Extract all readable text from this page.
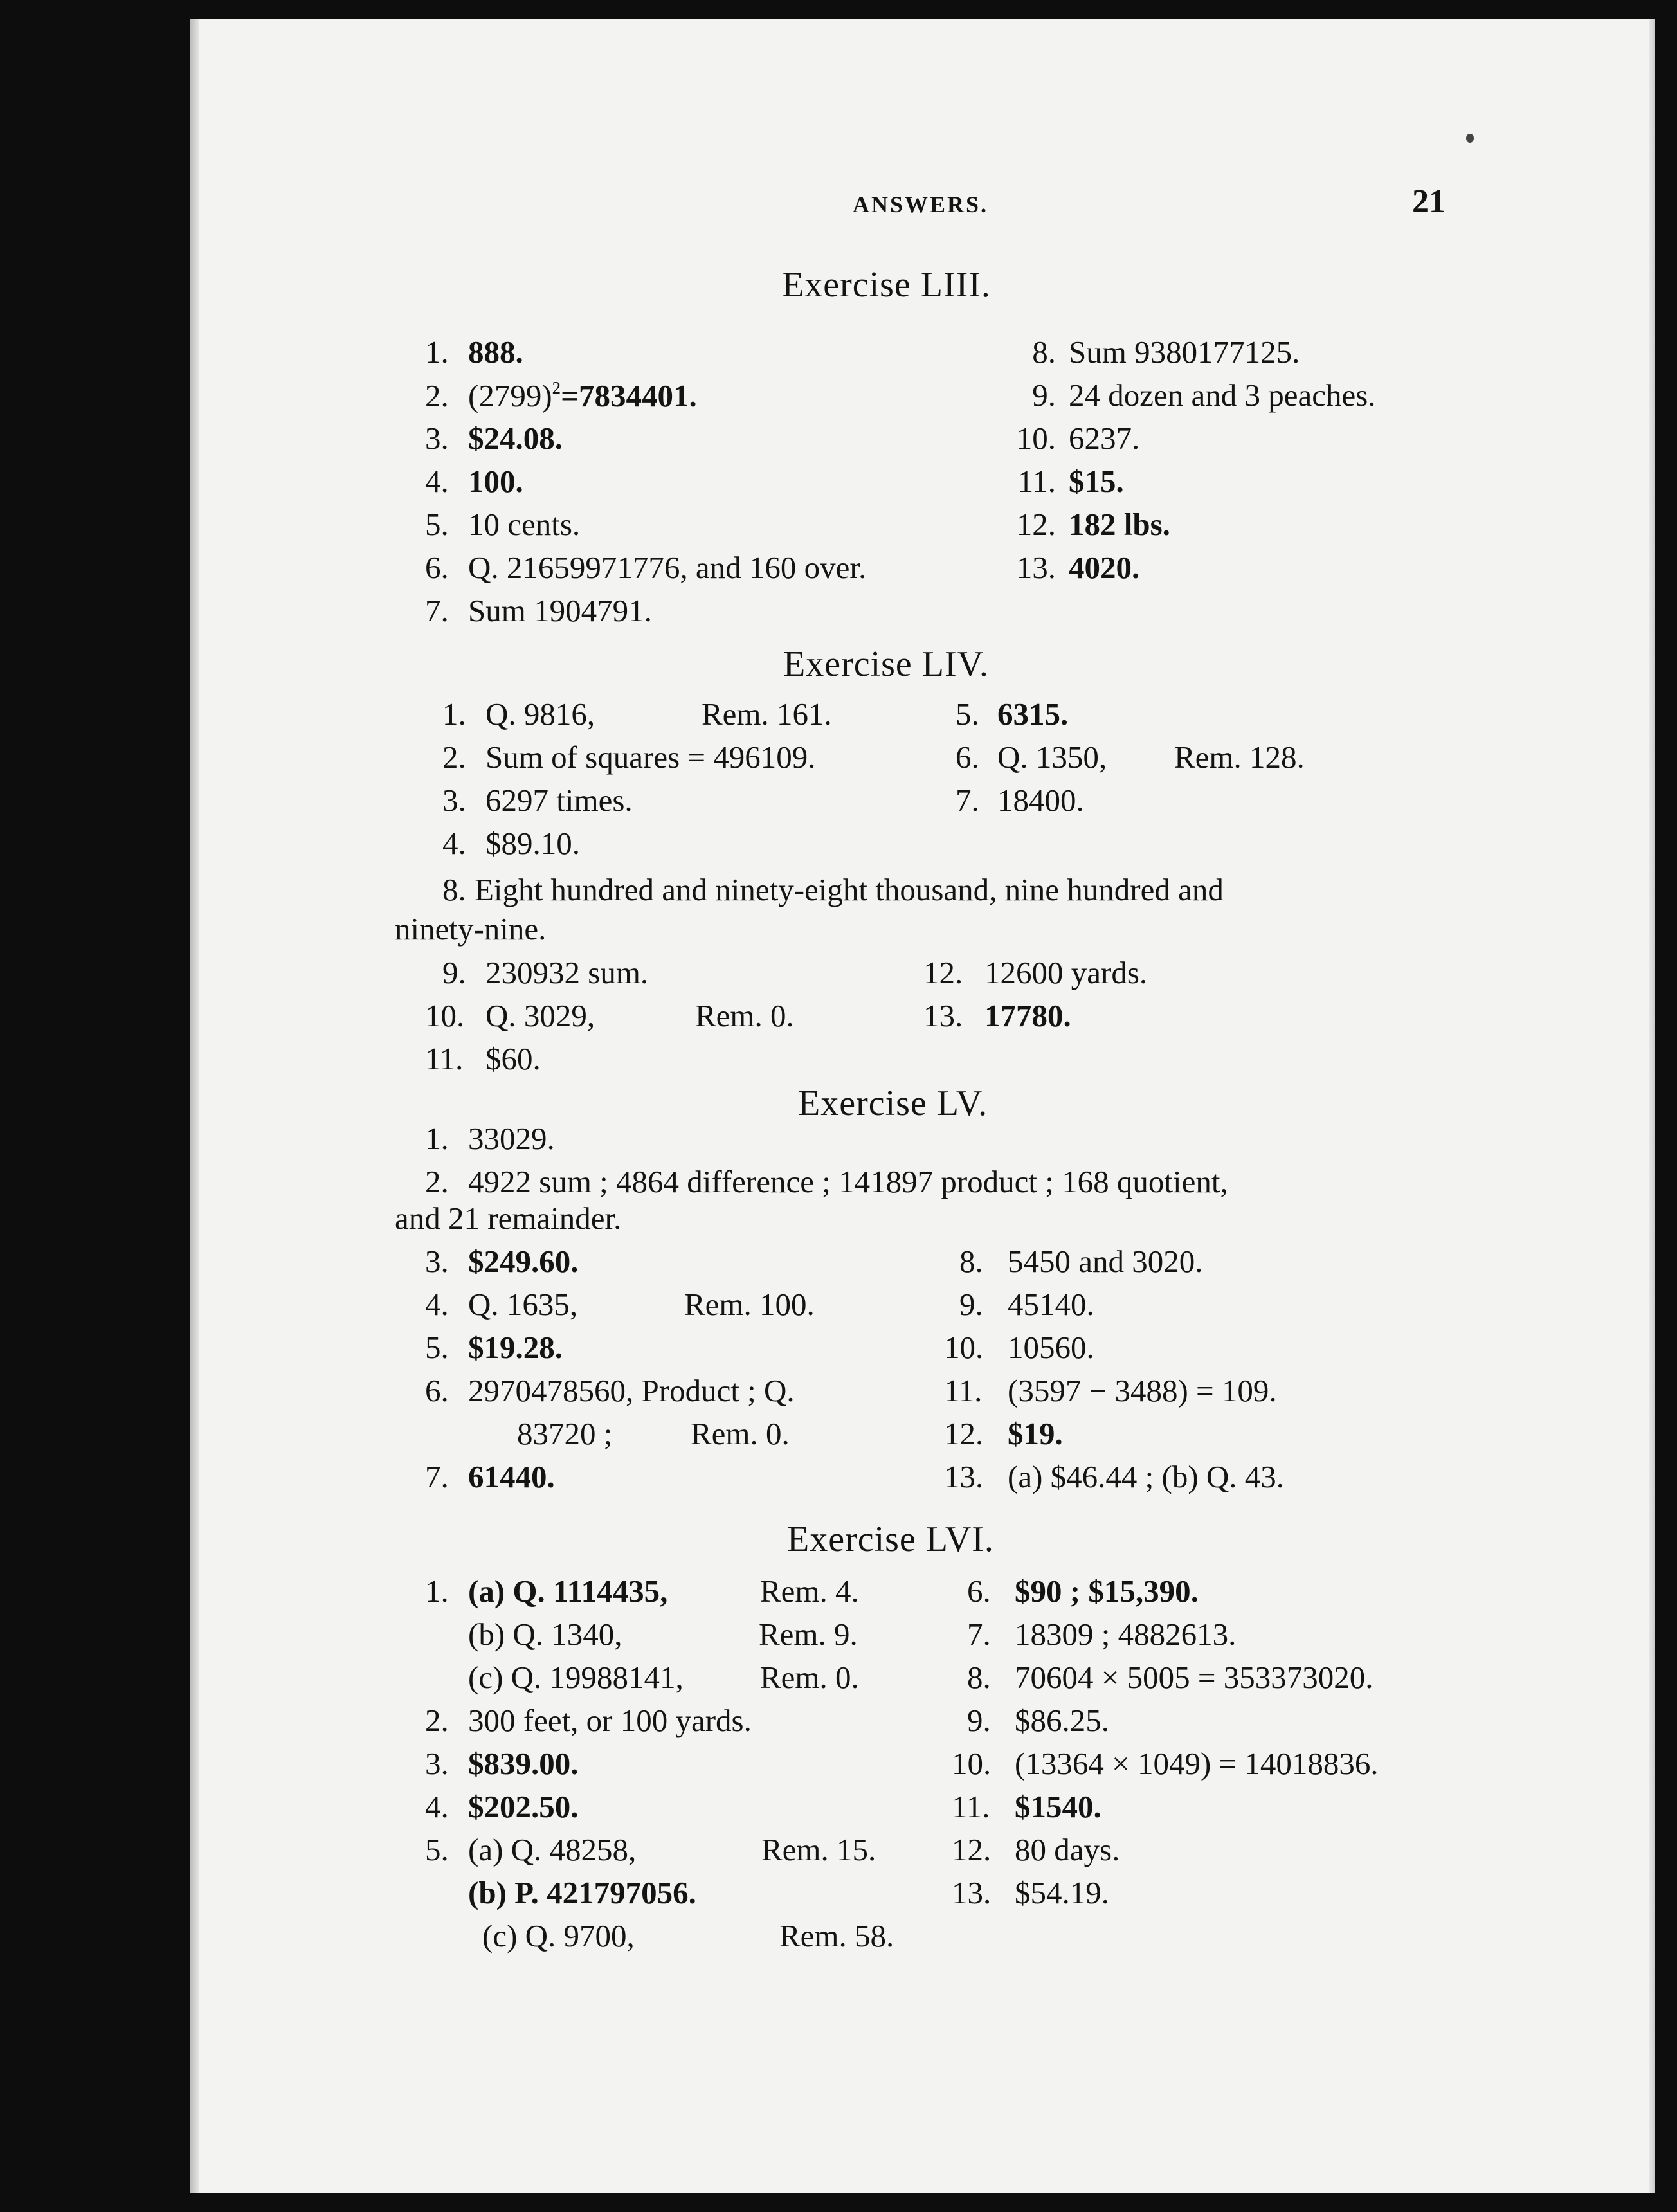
ANSWERS.	21
Exercise LIII.
1. 888.
2. $(2799)^2=7834401$.
3. $24.08.
4. 100.
5. 10 cents.
6. Q. 21659971776, and 160 over.
7. Sum 1904791.
8. Sum 9380177125.
9. 24 dozen and 3 peaches.
10. 6237.
11. $15.
12. 182 lbs.
13. 4020.
Exercise LIV.
1. Q. 9816,	Rem. 161.
2. Sum of squares = 496109.
3. 6297 times.
4. $89.10.
5. 6315.
6. Q. 1350, Rem. 128.
7. 18400.
8. Eight hundred and ninety-eight thousand, nine hundred and
ninety-nine.
9. 230932 sum.
10. Q. 3029,	Rem. 0.
11. $60.
12. 12600 yards.
13. 17780.
Exercise LV.
1. 33029.
2. 4922 sum ; 4864 difference ; 141897 product ; 168 quotient,
and 21 remainder.
3. $249.60.
4. Q. 1635,	Rem. 100.
5. $19.28.
6. 2970478560, Product ; Q.
83720 ; Rem. 0.
7. 61440.
8. 5450 and 3020.
9. 45140.
10. 10560.
11. (3597 − 3488) = 109.
12. $19.
13. (a) $46.44 ; (b) Q. 43.
Exercise LVI.
1. (a) Q. 1114435,	Rem. 4.
(b) Q. 1340,	Rem. 9.
(c) Q. 19988141, Rem. 0.
2. 300 feet, or 100 yards.
3. $839.00.
4. $202.50.
5. (a) Q. 48258,	Rem. 15.
(b) P. 421797056.
(c) Q. 9700,	Rem. 58.
6. $90 ; $15,390.
7. 18309 ; 4882613.
8. 70604 × 5005 = 353373020.
9. $86.25.
10. (13364 × 1049) = 14018836.
11. $1540.
12. 80 days.
13. $54.19.
